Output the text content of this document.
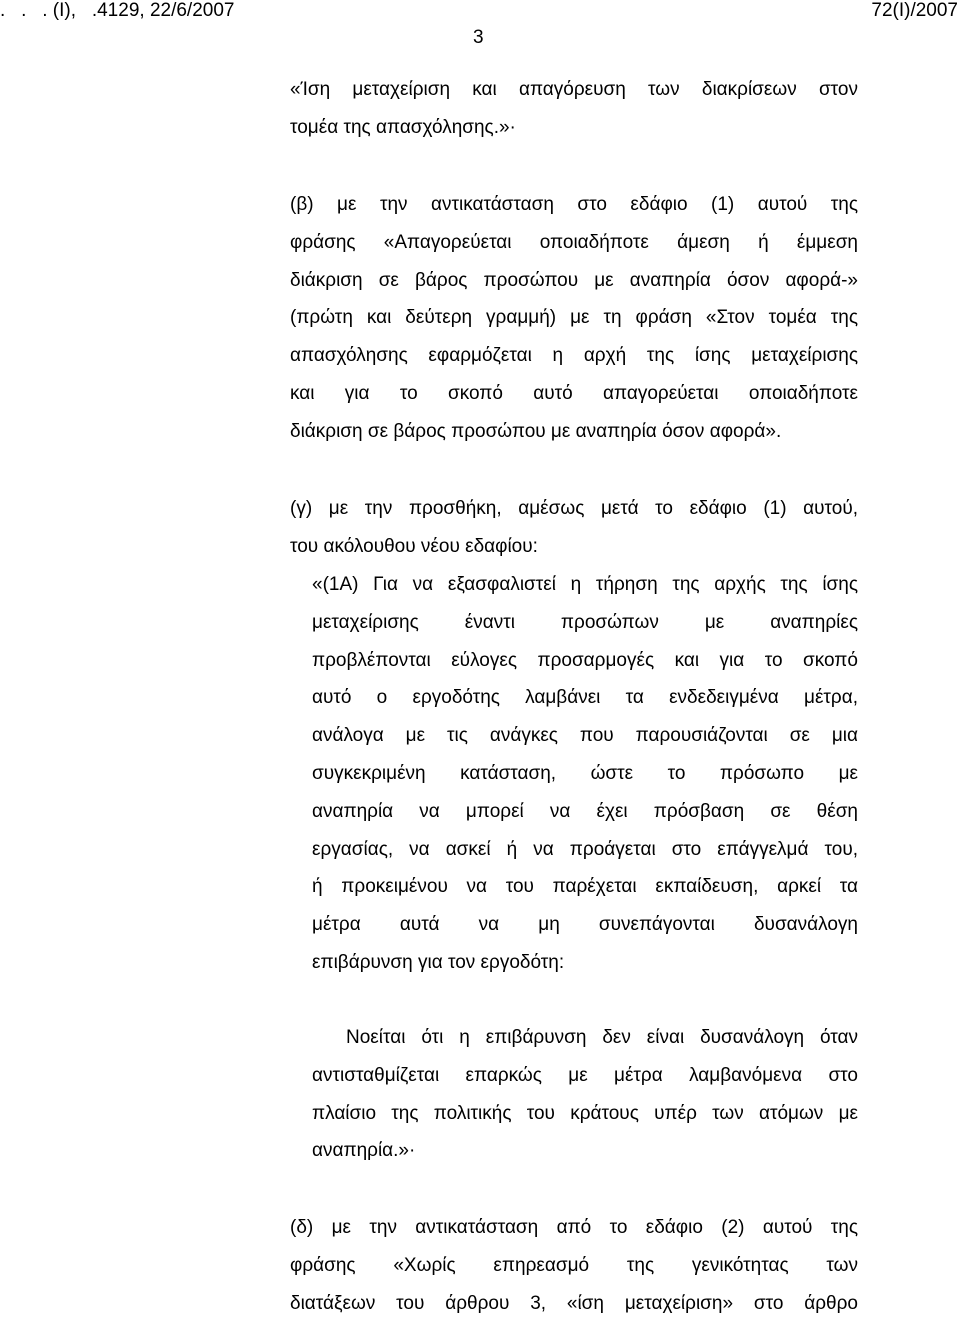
.   .   . (Ι),   .4129, 22/6/2007	72(I)/2007
3
«Ίση μεταχείριση και απαγόρευση των διακρίσεων στον
τομέα της απασχόλησης.»·
(β) με την αντικατάσταση στο εδάφιο (1) αυτού της
φράσης «Απαγορεύεται οποιαδήποτε άμεση ή έμμεση
διάκριση σε βάρος προσώπου με αναπηρία όσον αφορά-»
(πρώτη και δεύτερη γραμμή) με τη φράση «Στον τομέα της
απασχόλησης εφαρμόζεται η αρχή της ίσης μεταχείρισης
και για το σκοπό αυτό απαγορεύεται οποιαδήποτε
διάκριση σε βάρος προσώπου με αναπηρία όσον αφορά».
(γ) με την προσθήκη, αμέσως μετά το εδάφιο (1) αυτού,
του ακόλουθου νέου εδαφίου:
«(1Α) Για να εξασφαλιστεί η τήρηση της αρχής της ίσης
μεταχείρισης έναντι προσώπων με αναπηρίες
προβλέπονται εύλογες προσαρμογές και για το σκοπό
αυτό ο εργοδότης λαμβάνει τα ενδεδειγμένα μέτρα,
ανάλογα με τις ανάγκες που παρουσιάζονται σε μια
συγκεκριμένη κατάσταση, ώστε το πρόσωπο με
αναπηρία να μπορεί να έχει πρόσβαση σε θέση
εργασίας, να ασκεί ή να προάγεται στο επάγγελμά του,
ή προκειμένου να του παρέχεται εκπαίδευση, αρκεί τα
μέτρα αυτά να μη συνεπάγονται δυσανάλογη
επιβάρυνση για τον εργοδότη:
Νοείται ότι η επιβάρυνση δεν είναι δυσανάλογη όταν
αντισταθμίζεται επαρκώς με μέτρα λαμβανόμενα στο
πλαίσιο της πολιτικής του κράτους υπέρ των ατόμων με
αναπηρία.»·
(δ) με την αντικατάσταση από το εδάφιο (2) αυτού της
φράσης «Χωρίς επηρεασμό της γενικότητας των
διατάξεων του άρθρου 3, «ίση μεταχείριση» στο άρθρο
